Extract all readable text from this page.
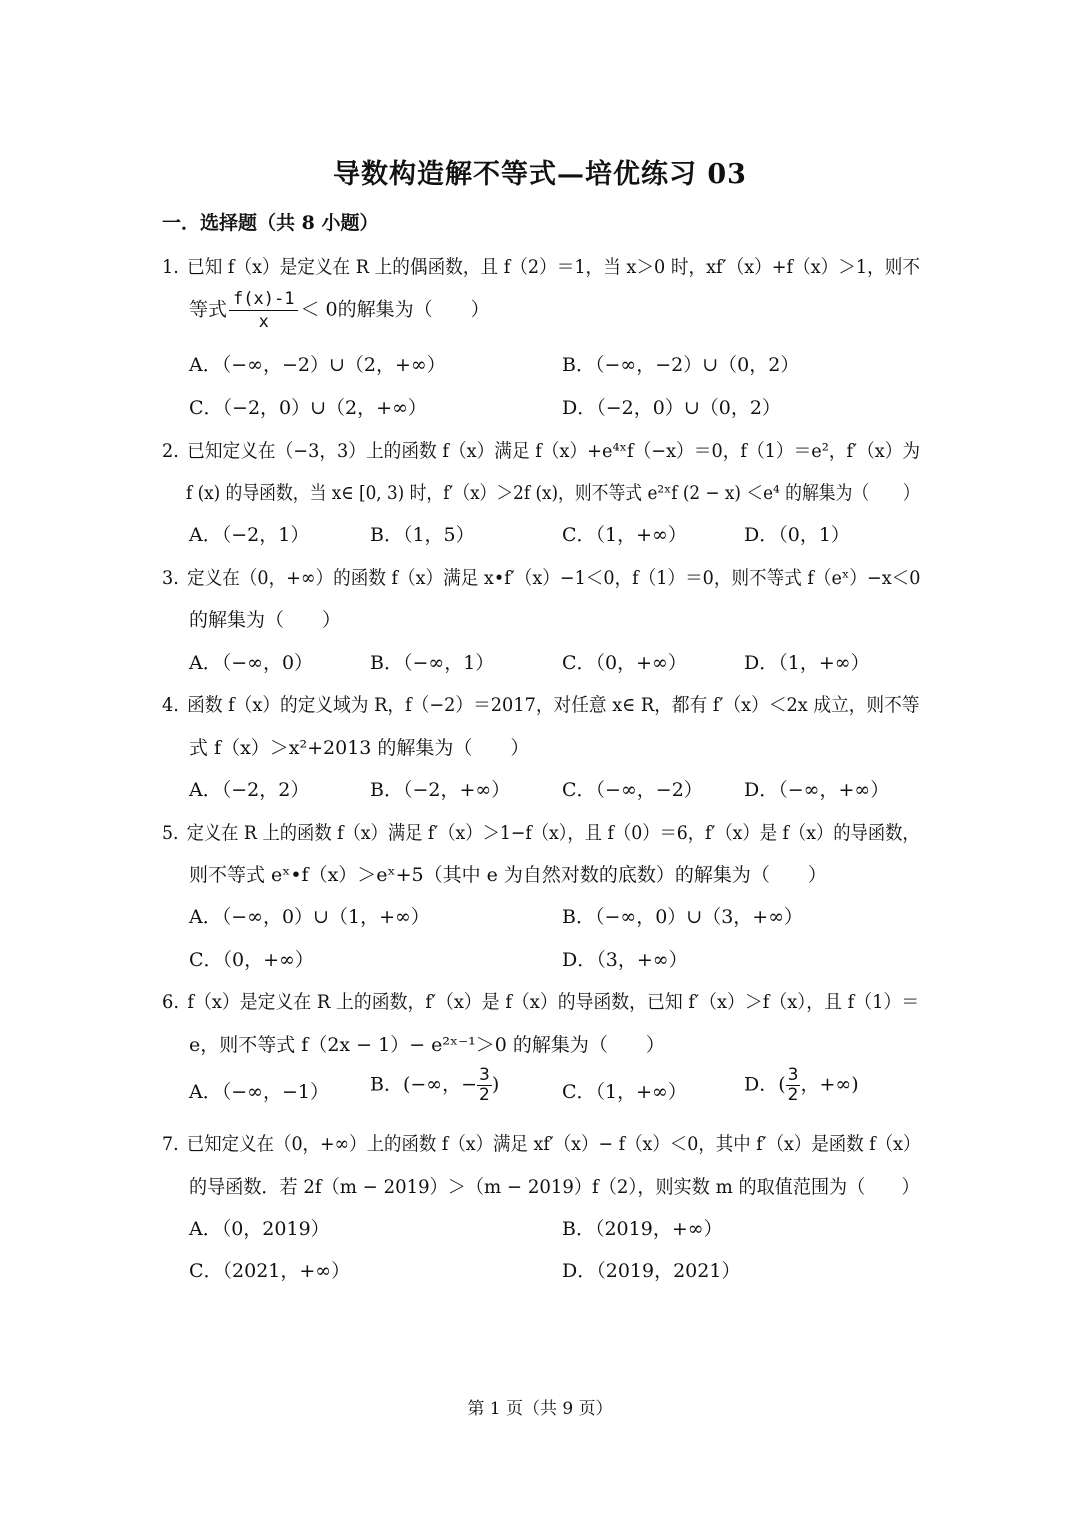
导数构造解不等式—培优练习 03
一．选择题（共 8 小题）
1. 已知 f（x）是定义在 R 上的偶函数，且 f（2）＝1，当 x＞0 时，xf′（x）+f（x）＞1，则不
等式 $\frac{f(x)-1}{x} < 0$的解集为（　　）
A．（−∞，−2）∪（2，+∞）	B．（−∞，−2）∪（0，2）
C．（−2，0）∪（2，+∞）	D．（−2，0）∪（0，2）
2. 已知定义在（−3，3）上的函数 f（x）满足 f（x）+e⁴ˣf（−x）＝0，f（1）＝e²，f′（x）为
f (x) 的导函数，当 x∈ [0, 3) 时，f′（x）＞2f (x)，则不等式 e²ˣf (2 − x) ＜e⁴ 的解集为（　　）
A．（−2，1）	B．（1，5）	C．（1，+∞）	D．（0，1）
3. 定义在（0，+∞）的函数 f（x）满足 x•f′（x）−1＜0，f（1）＝0，则不等式 f（eˣ）−x＜0
的解集为（　　）
A．（−∞，0）	B．（−∞，1）	C．（0，+∞）	D．（1，+∞）
4. 函数 f（x）的定义域为 R，f（−2）＝2017，对任意 x∈ R，都有 f′（x）＜2x 成立，则不等
式 f（x）＞x²+2013 的解集为（　　）
A．（−2，2）	B．（−2，+∞）	C．（−∞，−2） D．（−∞，+∞）
5. 定义在 R 上的函数 f（x）满足 f′（x）＞1−f（x），且 f（0）＝6，f′（x）是 f（x）的导函数，
则不等式 eˣ•f（x）＞eˣ+5（其中 e 为自然对数的底数）的解集为（　　）
A．（−∞，0）∪（1，+∞）	B．（−∞，0）∪（3，+∞）
C．（0，+∞）	D．（3，+∞）
6. f（x）是定义在 R 上的函数，f′（x）是 f（x）的导函数，已知 f′（x）＞f（x），且 f（1）＝
e，则不等式 f（2x − 1）− e²ˣ⁻¹＞0 的解集为（　　）
A．（−∞，−1） B．(−∞，− $\frac{3}{2}$ )	C．（1，+∞）	D．( $\frac{3}{2}$ ，+∞)
7. 已知定义在（0，+∞）上的函数 f（x）满足 xf′（x）− f（x）＜0，其中 f′（x）是函数 f（x）
的导函数．若 2f（m − 2019）＞（m − 2019）f（2），则实数 m 的取值范围为（　　）
A．（0，2019）	B．（2019，+∞）
C．（2021，+∞）	D．（2019，2021）
第 1 页（共 9 页）
